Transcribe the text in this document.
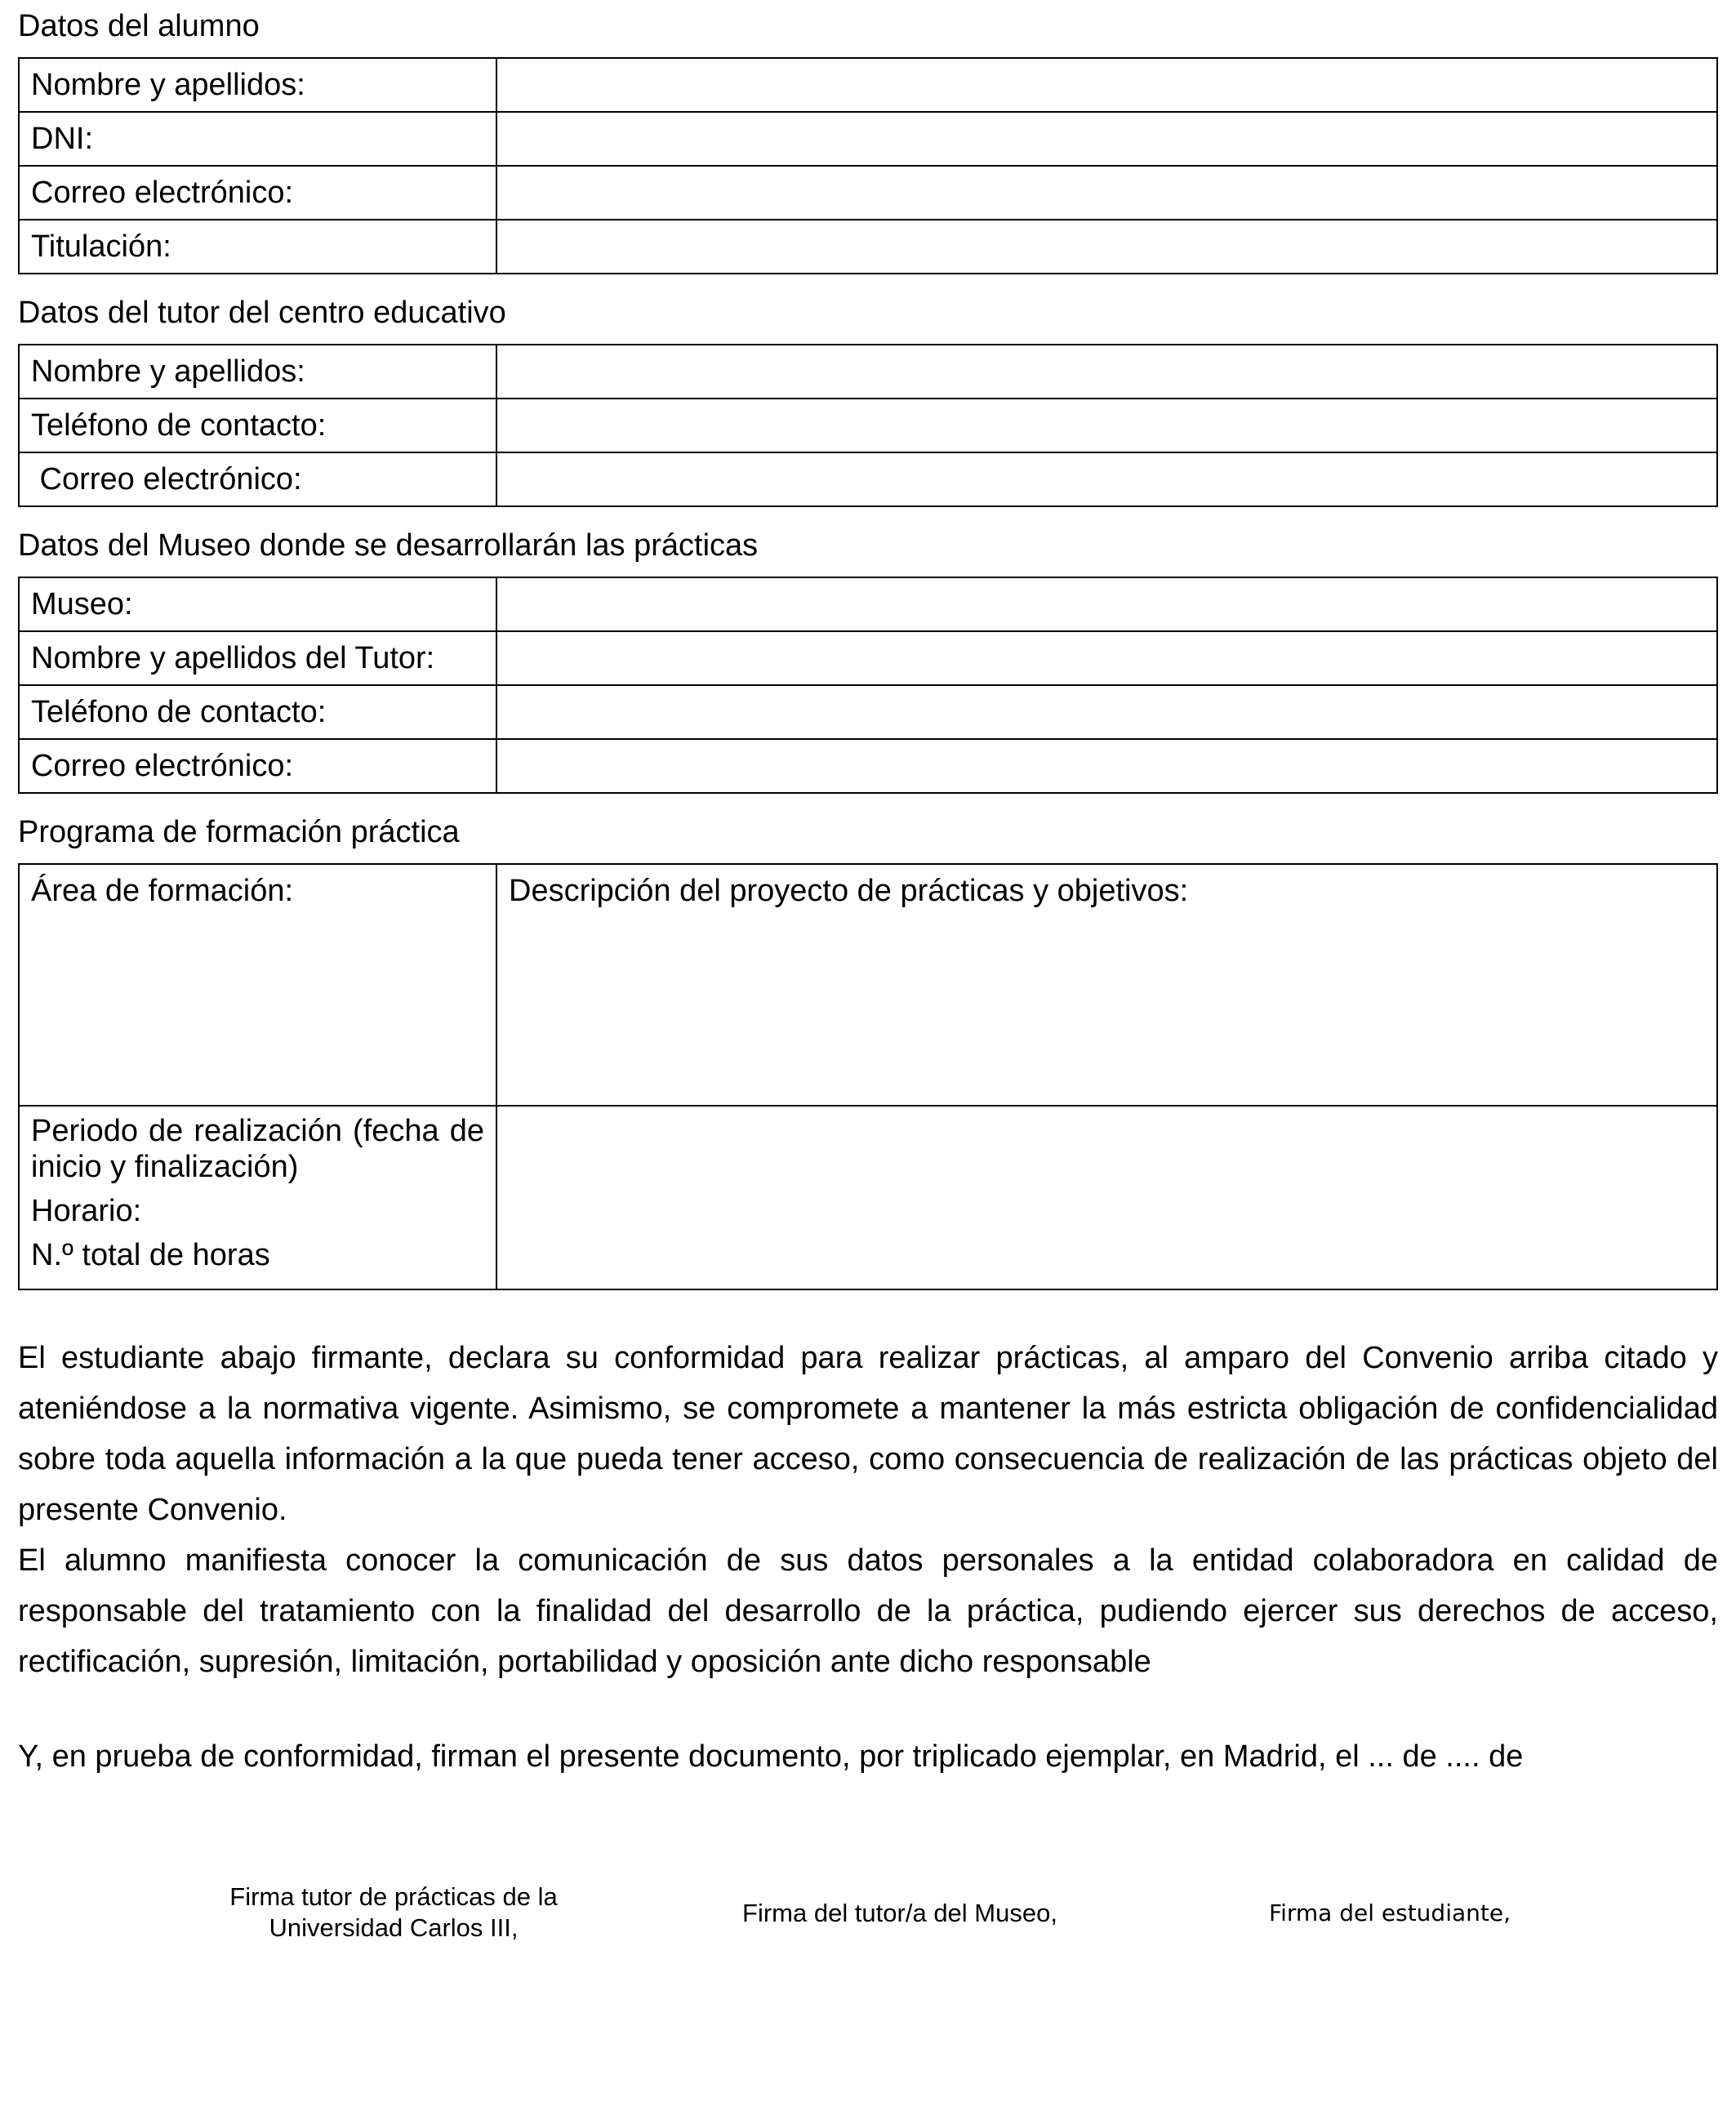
Datos del alumno
Nombre y apellidos:	
DNI:	
Correo electrónico:	
Titulación:	
Datos del tutor del centro educativo
Nombre y apellidos:	
Teléfono de contacto:	
Correo electrónico:	
Datos del Museo donde se desarrollarán las prácticas
Museo:	
Nombre y apellidos del Tutor:	
Teléfono de contacto:	
Correo electrónico:	
Programa de formación práctica
Área de formación:	Descripción del proyecto de prácticas y objetivos:

Periodo de realización (fecha de inicio y finalización)
Horario:
N.º total de horas	

El estudiante abajo firmante, declara su conformidad para realizar prácticas, al amparo del Convenio arriba citado y ateniéndose a la normativa vigente. Asimismo, se compromete a mantener la más estricta obligación de confidencialidad sobre toda aquella información a la que pueda tener acceso, como consecuencia de realización de las prácticas objeto del presente Convenio.

El alumno manifiesta conocer la comunicación de sus datos personales a la entidad colaboradora en calidad de responsable del tratamiento con la finalidad del desarrollo de la práctica, pudiendo ejercer sus derechos de acceso, rectificación, supresión, limitación, portabilidad y oposición ante dicho responsable

Y, en prueba de conformidad, firman el presente documento, por triplicado ejemplar, en Madrid, el ... de .... de
Firma tutor de prácticas de la
Universidad Carlos III,
Firma del tutor/a del Museo,	Firma del estudiante,
